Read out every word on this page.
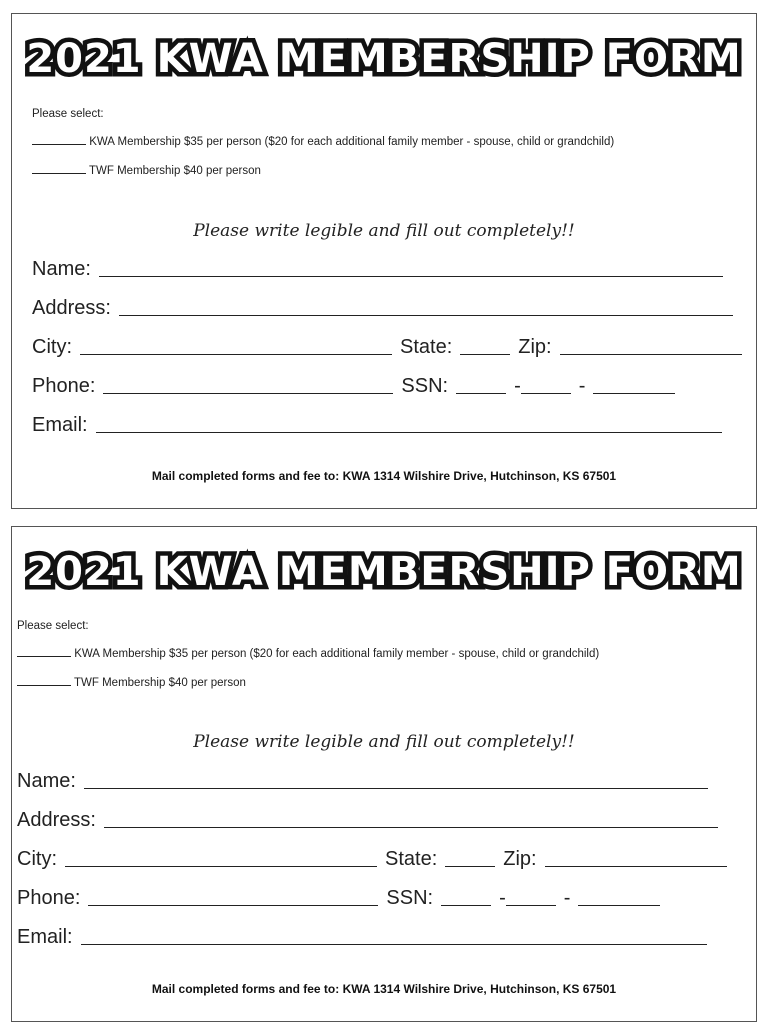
2021 KWA MEMBERSHIP FORM
Please select:
KWA Membership $35 per person ($20 for each additional family member - spouse, child or grandchild)
TWF Membership $40 per person
Please write legible and fill out completely!!
Name:
Address:
City:	State:	Zip:
Phone:	SSN:	-	-
Email:
Mail completed forms and fee to: KWA 1314 Wilshire Drive, Hutchinson, KS 67501
2021 KWA MEMBERSHIP FORM
Please select:
KWA Membership $35 per person ($20 for each additional family member - spouse, child or grandchild)
TWF Membership $40 per person
Please write legible and fill out completely!!
Name:
Address:
City:	State:	Zip:
Phone:	SSN:	-	-
Email:
Mail completed forms and fee to: KWA 1314 Wilshire Drive, Hutchinson, KS 67501
